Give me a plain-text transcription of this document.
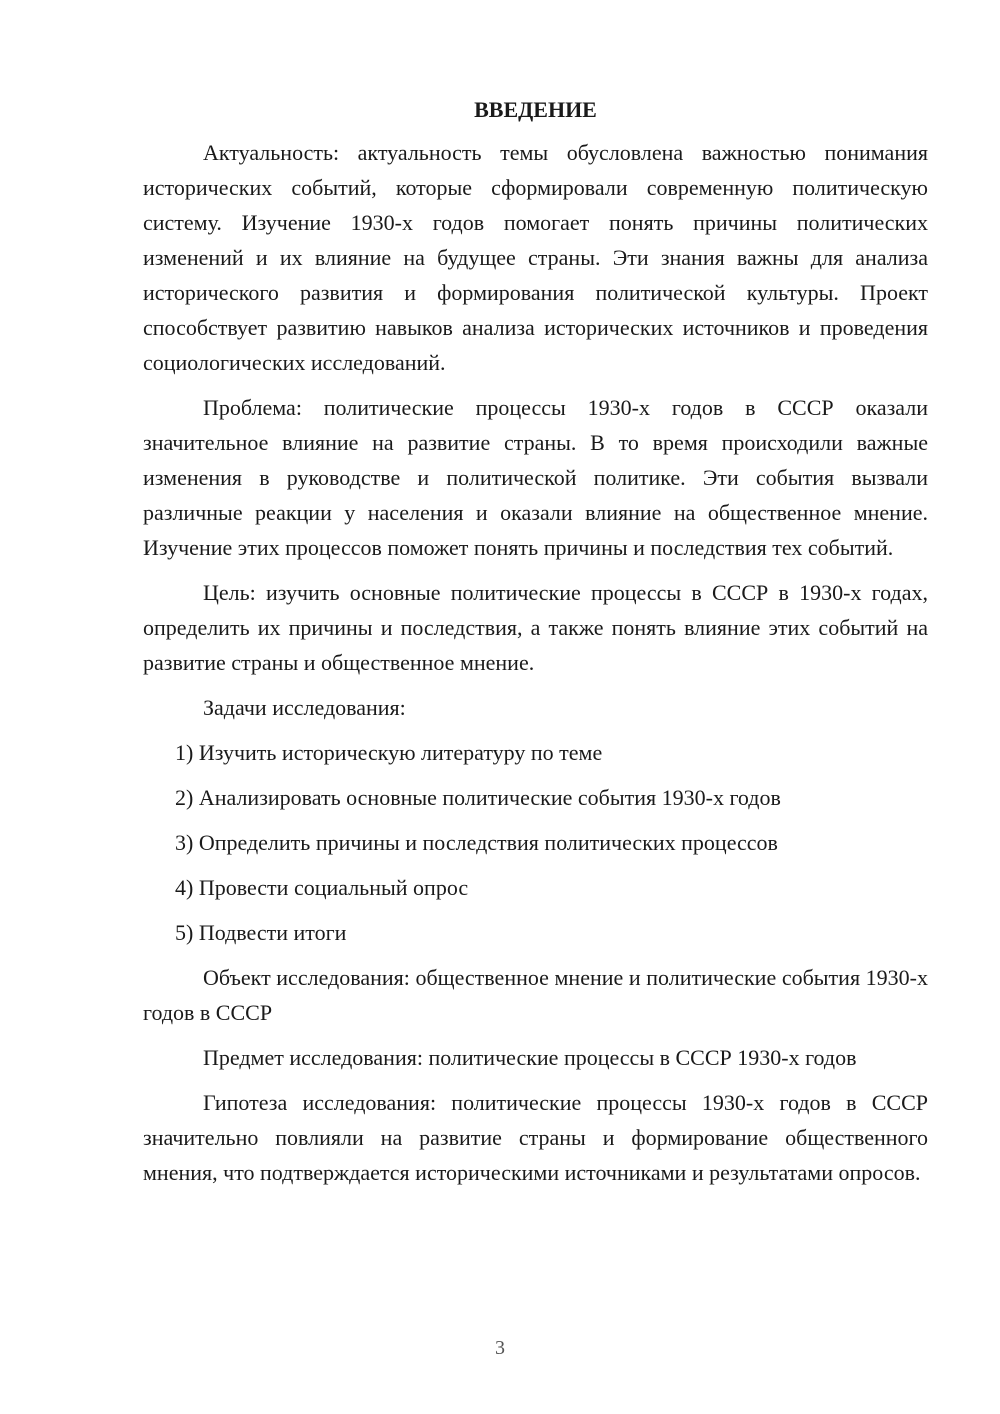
ВВЕДЕНИЕ

Актуальность: актуальность темы обусловлена важностью понимания исторических событий, которые сформировали современную политическую систему. Изучение 1930-х годов помогает понять причины политических изменений и их влияние на будущее страны. Эти знания важны для анализа исторического развития и формирования политической культуры. Проект способствует развитию навыков анализа исторических источников и проведения социологических исследований.

Проблема: политические процессы 1930-х годов в СССР оказали значительное влияние на развитие страны. В то время происходили важные изменения в руководстве и политической политике. Эти события вызвали различные реакции у населения и оказали влияние на общественное мнение. Изучение этих процессов поможет понять причины и последствия тех событий.

Цель: изучить основные политические процессы в СССР в 1930-х годах, определить их причины и последствия, а также понять влияние этих событий на развитие страны и общественное мнение.

Задачи исследования:

1) Изучить историческую литературу по теме
2) Анализировать основные политические события 1930-х годов
3) Определить причины и последствия политических процессов
4) Провести социальный опрос
5) Подвести итоги

Объект исследования: общественное мнение и политические события 1930-х годов в СССР

Предмет исследования: политические процессы в СССР 1930-х годов

Гипотеза исследования: политические процессы 1930-х годов в СССР значительно повлияли на развитие страны и формирование общественного мнения, что подтверждается историческими источниками и результатами опросов.

3
